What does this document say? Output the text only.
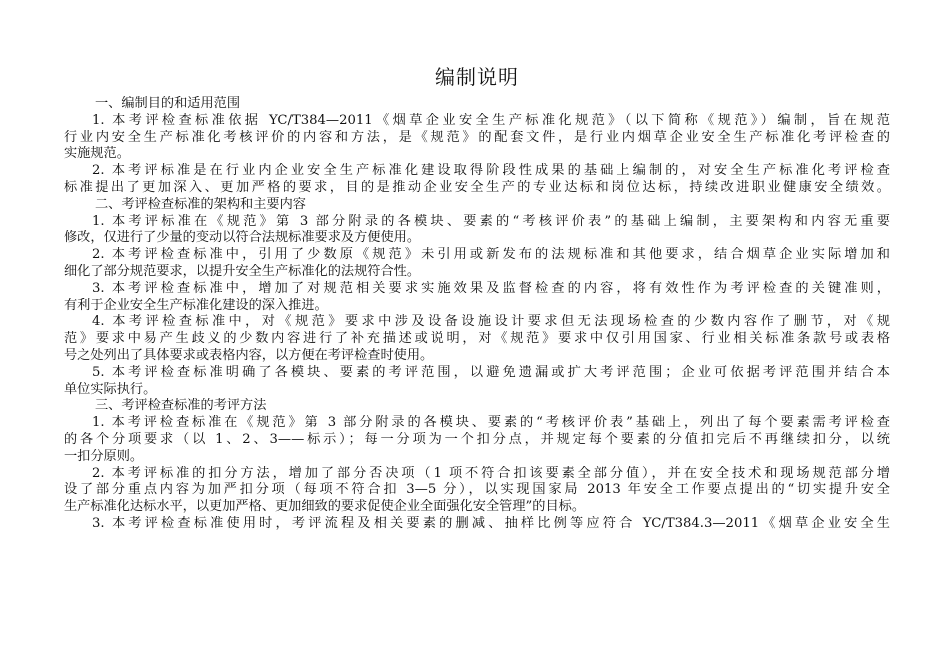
编制说明
一、编制目的和适用范围
1. 本考评检查标准依据 YC/T384—2011《烟草企业安全生产标准化规范》（以下简称《规范》）编制，旨在规范
行业内安全生产标准化考核评价的内容和方法，是《规范》的配套文件，是行业内烟草企业安全生产标准化考评检查的
实施规范。
2. 本考评标准是在行业内企业安全生产标准化建设取得阶段性成果的基础上编制的，对安全生产标准化考评检查
标准提出了更加深入、更加严格的要求，目的是推动企业安全生产的专业达标和岗位达标，持续改进职业健康安全绩效。
二、考评检查标准的架构和主要内容
1. 本考评标准在《规范》第 3 部分附录的各模块、要素的“考核评价表”的基础上编制，主要架构和内容无重要
修改，仅进行了少量的变动以符合法规标准要求及方便使用。
2. 本考评检查标准中，引用了少数原《规范》未引用或新发布的法规标准和其他要求，结合烟草企业实际增加和
细化了部分规范要求，以提升安全生产标准化的法规符合性。
3. 本考评检查标准中，增加了对规范相关要求实施效果及监督检查的内容，将有效性作为考评检查的关键准则，
有利于企业安全生产标准化建设的深入推进。
4. 本考评检查标准中，对《规范》要求中涉及设备设施设计要求但无法现场检查的少数内容作了删节，对《规
范》要求中易产生歧义的少数内容进行了补充描述或说明，对《规范》要求中仅引用国家、行业相关标准条款号或表格
号之处列出了具体要求或表格内容，以方便在考评检查时使用。
5. 本考评检查标准明确了各模块、要素的考评范围，以避免遗漏或扩大考评范围；企业可依据考评范围并结合本
单位实际执行。
三、考评检查标准的考评方法
1. 本考评检查标准在《规范》第 3 部分附录的各模块、要素的“考核评价表”基础上，列出了每个要素需考评检查
的各个分项要求（以 1、2、3——标示）；每一分项为一个扣分点，并规定每个要素的分值扣完后不再继续扣分，以统
一扣分原则。
2. 本考评标准的扣分方法，增加了部分否决项（1 项不符合扣该要素全部分值），并在安全技术和现场规范部分增
设了部分重点内容为加严扣分项（每项不符合扣 3—5 分），以实现国家局 2013 年安全工作要点提出的“切实提升安全
生产标准化达标水平，以更加严格、更加细致的要求促使企业全面强化安全管理”的目标。
3. 本考评检查标准使用时，考评流程及相关要素的删减、抽样比例等应符合 YC/T384.3—2011《烟草企业安全生
